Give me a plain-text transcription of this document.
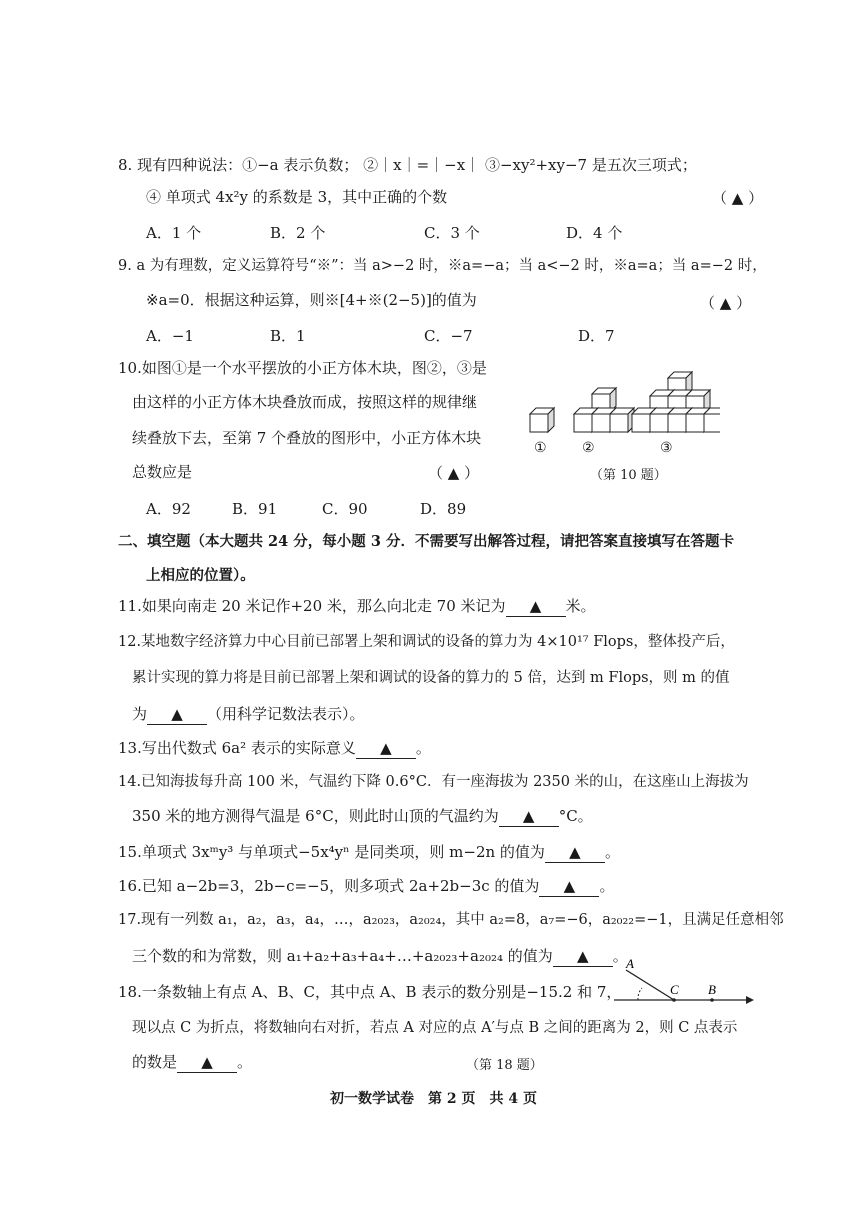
8. 现有四种说法：①−a 表示负数； ②｜x｜=｜−x｜ ③−xy²+xy−7 是五次三项式；
④ 单项式 4x²y 的系数是 3，其中正确的个数	（ ▲ ）
A．1 个	B．2 个	C．3 个	D．4 个
9. a 为有理数，定义运算符号“※”：当 a>−2 时，※a=−a；当 a<−2 时，※a=a；当 a=−2 时，
※a=0．根据这种运算，则※[4+※(2−5)]的值为	（ ▲ ）
A．−1	B．1	C．−7	D．7
10.如图①是一个水平摆放的小正方体木块，图②，③是
由这样的小正方体木块叠放而成，按照这样的规律继
续叠放下去，至第 7 个叠放的图形中，小正方体木块
总数应是	（ ▲ ）
A．92	B．91	C．90	D．89
①	②	③
（第 10 题）
二、填空题（本大题共 24 分，每小题 3 分．不需要写出解答过程，请把答案直接填写在答题卡
上相应的位置）。
11.如果向南走 20 米记作+20 米，那么向北走 70 米记为 ▲ 米。
12.某地数字经济算力中心目前已部署上架和调试的设备的算力为 4×10¹⁷ Flops，整体投产后，
累计实现的算力将是目前已部署上架和调试的设备的算力的 5 倍，达到 m Flops，则 m 的值
为 ▲ （用科学记数法表示）。
13.写出代数式 6a² 表示的实际意义 ▲ 。
14.已知海拔每升高 100 米，气温约下降 0.6°C．有一座海拔为 2350 米的山，在这座山上海拔为
350 米的地方测得气温是 6°C，则此时山顶的气温约为 ▲ °C。
15.单项式 3xᵐy³ 与单项式−5x⁴yⁿ 是同类项，则 m−2n 的值为 ▲ 。
16.已知 a−2b=3，2b−c=−5，则多项式 2a+2b−3c 的值为 ▲ 。
17.现有一列数 a₁，a₂，a₃，a₄，…，a₂₀₂₃，a₂₀₂₄，其中 a₂=8，a₇=−6，a₂₀₂₂=−1，且满足任意相邻
三个数的和为常数，则 a₁+a₂+a₃+a₄+…+a₂₀₂₃+a₂₀₂₄ 的值为 ▲ 。
18.一条数轴上有点 A、B、C，其中点 A、B 表示的数分别是−15.2 和 7，
现以点 C 为折点，将数轴向右对折，若点 A 对应的点 A′与点 B 之间的距离为 2，则 C 点表示
的数是 ▲ 。	（第 18 题）
A
C B
初一数学试卷　第 2 页　共 4 页
